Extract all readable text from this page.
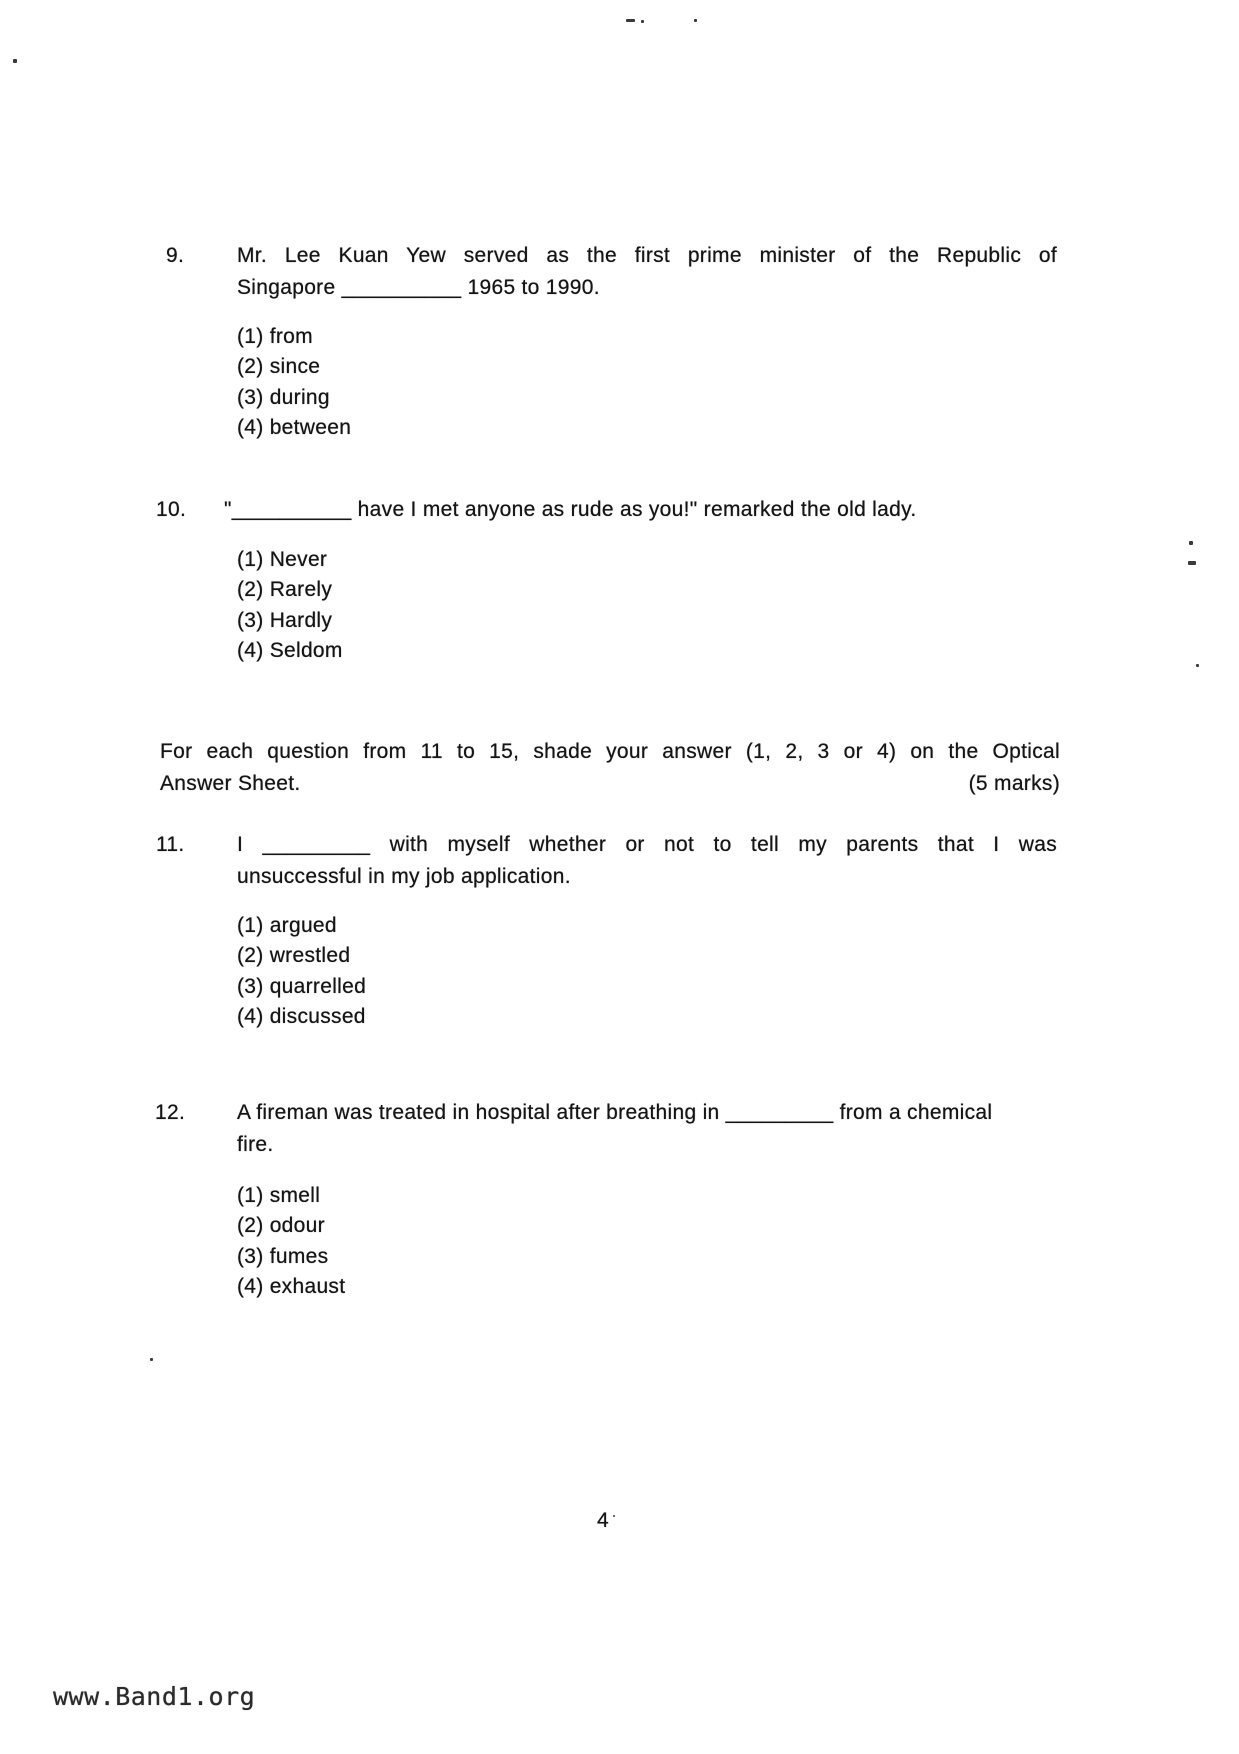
9.	Mr. Lee Kuan Yew served as the first prime minister of the Republic of
Singapore __________ 1965 to 1990.
(1) from
(2) since
(3) during
(4) between
10. "__________ have I met anyone as rude as you!" remarked the old lady.
(1) Never
(2) Rarely
(3) Hardly
(4) Seldom
For each question from 11 to 15, shade your answer (1, 2, 3 or 4) on the Optical
Answer Sheet.	(5 marks)
11. I _________ with myself whether or not to tell my parents that I was
unsuccessful in my job application.
(1) argued
(2) wrestled
(3) quarrelled
(4) discussed
12. A fireman was treated in hospital after breathing in _________ from a chemical
fire.
(1) smell
(2) odour
(3) fumes
(4) exhaust
4
www.Band1.org
